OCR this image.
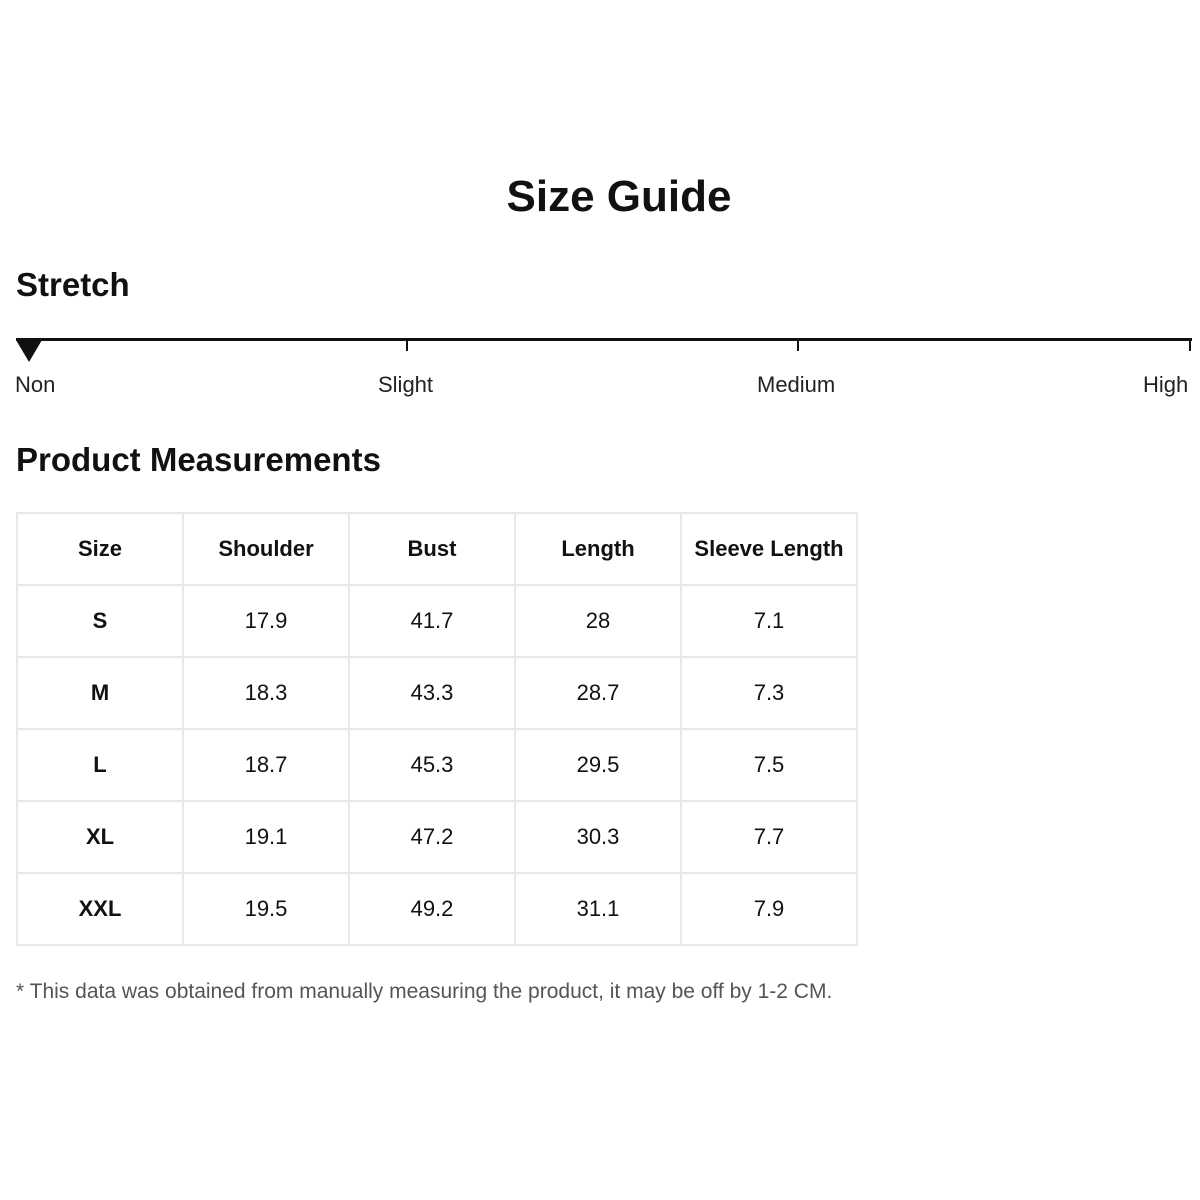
Size Guide
Stretch
Non	Slight	Medium	High
Product Measurements
Size	Shoulder	Bust	Length	Sleeve Length
S	17.9	41.7	28	7.1
M	18.3	43.3	28.7	7.3
L	18.7	45.3	29.5	7.5
XL	19.1	47.2	30.3	7.7
XXL	19.5	49.2	31.1	7.9
* This data was obtained from manually measuring the product, it may be off by 1-2 CM.
